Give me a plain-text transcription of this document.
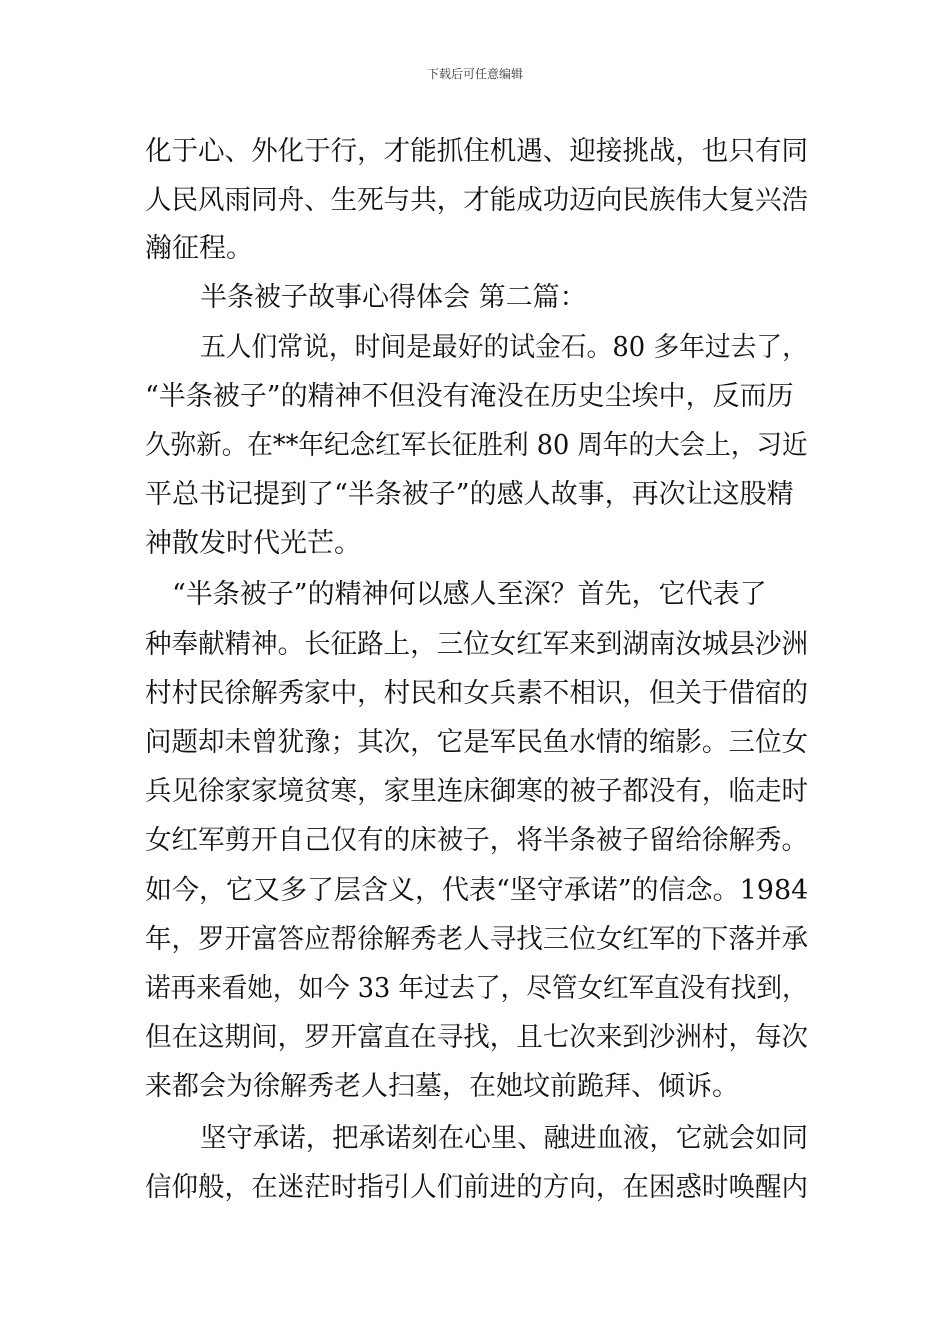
下载后可任意编辑
化于心、外化于行，才能抓住机遇、迎接挑战，也只有同
人民风雨同舟、生死与共，才能成功迈向民族伟大复兴浩
瀚征程。
半条被子故事心得体会 第二篇：
五人们常说，时间是最好的试金石。80 多年过去了，
“半条被子”的精神不但没有淹没在历史尘埃中，反而历
久弥新。在**年纪念红军长征胜利 80 周年的大会上，习近
平总书记提到了“半条被子”的感人故事，再次让这股精
神散发时代光芒。
“半条被子”的精神何以感人至深？首先，它代表了
种奉献精神。长征路上，三位女红军来到湖南汝城县沙洲
村村民徐解秀家中，村民和女兵素不相识，但关于借宿的
问题却未曾犹豫；其次，它是军民鱼水情的缩影。三位女
兵见徐家家境贫寒，家里连床御寒的被子都没有，临走时
女红军剪开自己仅有的床被子，将半条被子留给徐解秀。
如今，它又多了层含义，代表“坚守承诺”的信念。1984
年，罗开富答应帮徐解秀老人寻找三位女红军的下落并承
诺再来看她，如今 33 年过去了，尽管女红军直没有找到，
但在这期间，罗开富直在寻找，且七次来到沙洲村，每次
来都会为徐解秀老人扫墓，在她坟前跪拜、倾诉。
坚守承诺，把承诺刻在心里、融进血液，它就会如同
信仰般，在迷茫时指引人们前进的方向，在困惑时唤醒内
